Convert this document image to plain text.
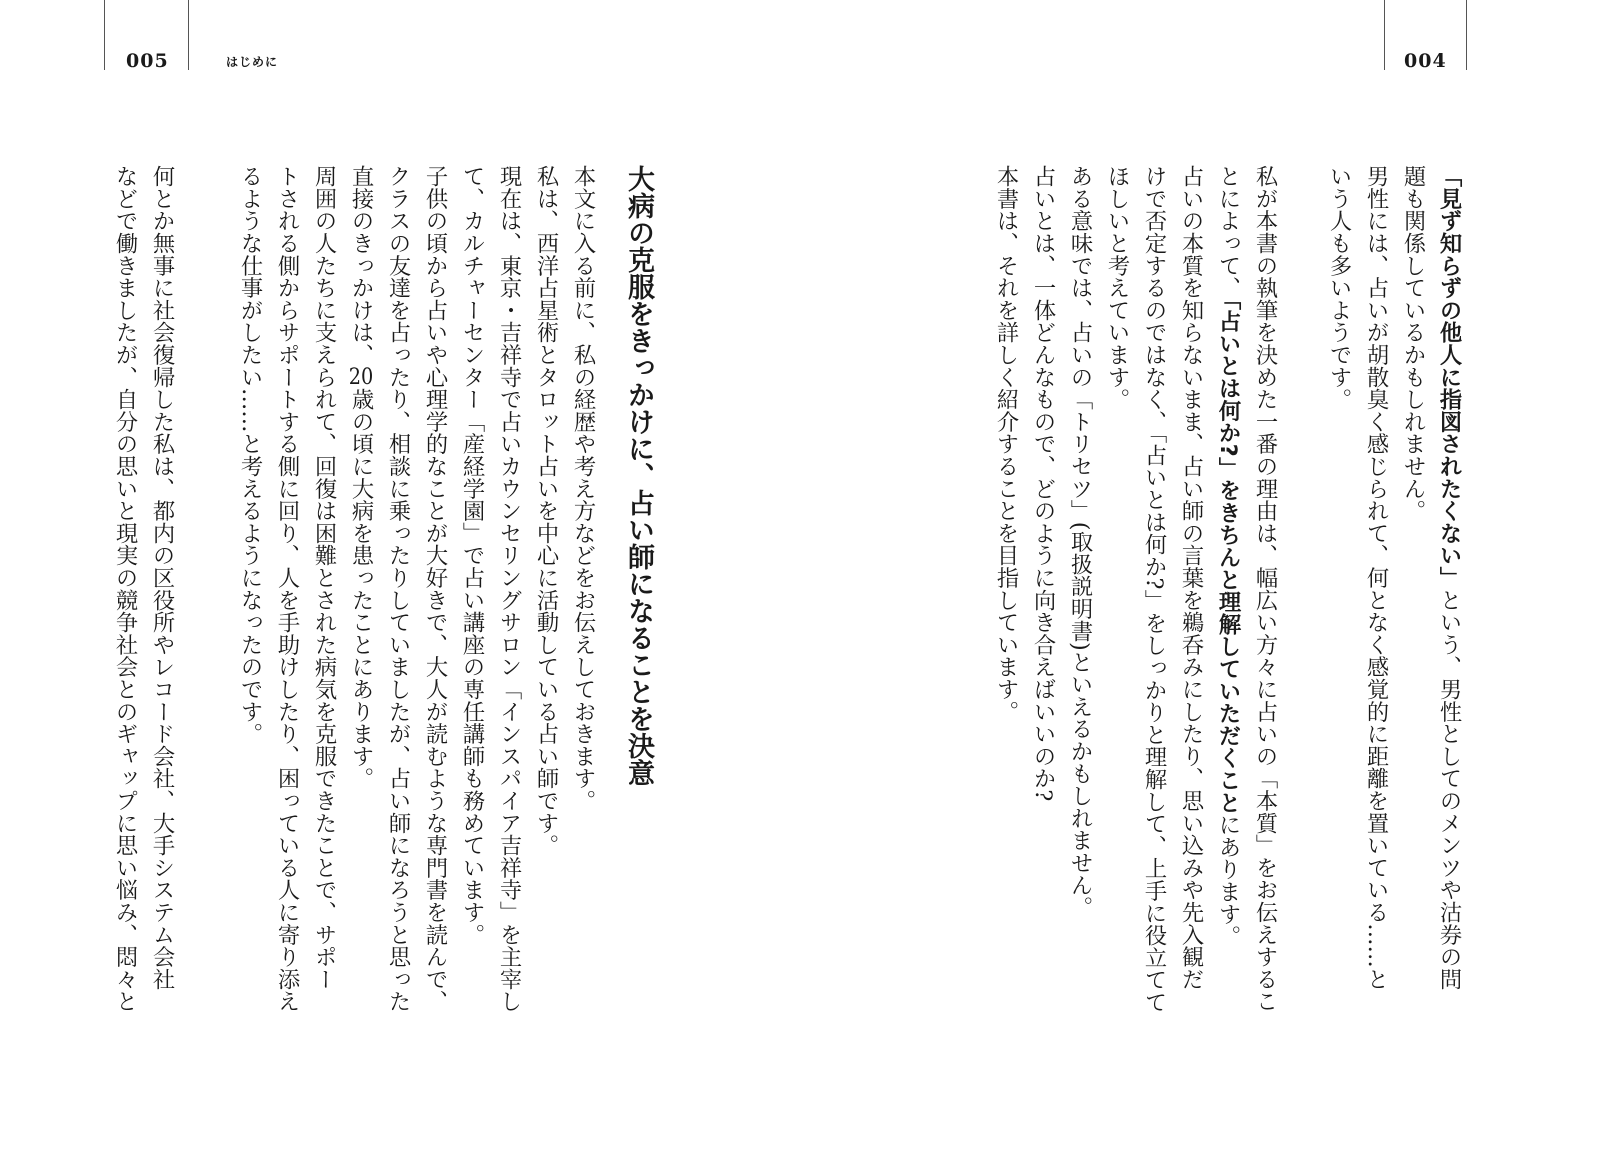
005	はじめに	004
「見ず知らずの他人に指図されたくない」という、男性としてのメンツや沽券の問
題も関係しているかもしれません。
男性には、占いが胡散臭く感じられて、何となく感覚的に距離を置いている……と
いう人も多いようです。
私が本書の執筆を決めた一番の理由は、幅広い方々に占いの「本質」をお伝えするこ
とによって、「占いとは何か?」をきちんと理解していただくことにあります。
占いの本質を知らないまま、占い師の言葉を鵜呑みにしたり、思い込みや先入観だ
けで否定するのではなく、「占いとは何か?」をしっかりと理解して、上手に役立てて
ほしいと考えています。
ある意味では、占いの「トリセツ」(取扱説明書)といえるかもしれません。
占いとは、一体どんなもので、どのように向き合えばいいのか?
本書は、それを詳しく紹介することを目指しています。
大病の克服をきっかけに、占い師になることを決意
本文に入る前に、私の経歴や考え方などをお伝えしておきます。
私は、西洋占星術とタロット占いを中心に活動している占い師です。
現在は、東京・吉祥寺で占いカウンセリングサロン「インスパイア吉祥寺」を主宰し
て、カルチャーセンター「産経学園」で占い講座の専任講師も務めています。
子供の頃から占いや心理学的なことが大好きで、大人が読むような専門書を読んで、
クラスの友達を占ったり、相談に乗ったりしていましたが、占い師になろうと思った
直接のきっかけは、20歳の頃に大病を患ったことにあります。
周囲の人たちに支えられて、回復は困難とされた病気を克服できたことで、サポー
トされる側からサポートする側に回り、人を手助けしたり、困っている人に寄り添え
るような仕事がしたい……と考えるようになったのです。
何とか無事に社会復帰した私は、都内の区役所やレコード会社、大手システム会社
などで働きましたが、自分の思いと現実の競争社会とのギャップに思い悩み、悶々と
